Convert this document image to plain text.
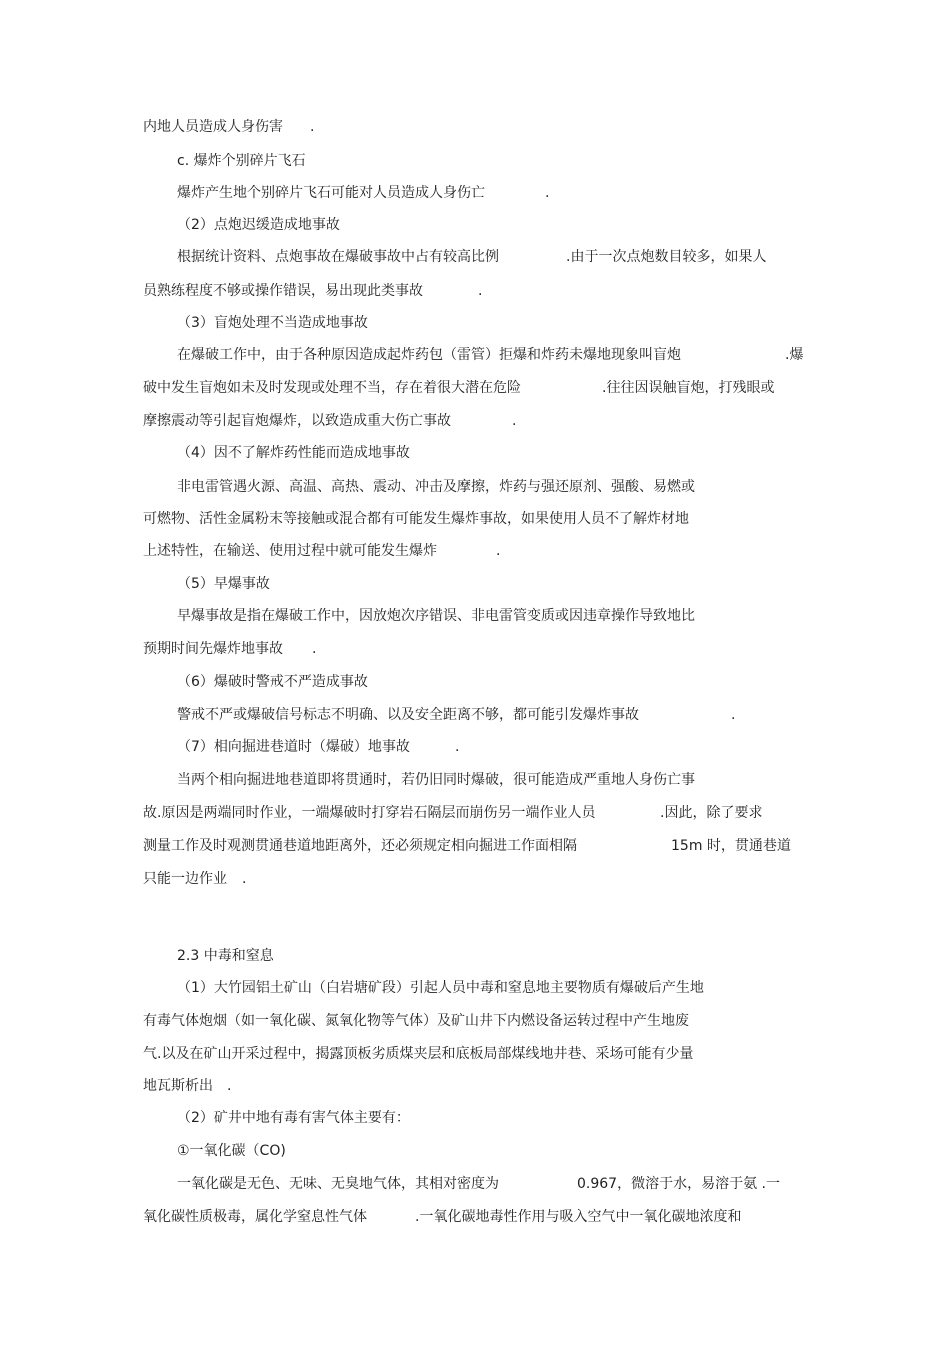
内地人员造成人身伤害 .
c. 爆炸个别碎片飞石
爆炸产生地个别碎片飞石可能对人员造成人身伤亡	.
（2）点炮迟缓造成地事故
根据统计资料、点炮事故在爆破事故中占有较高比例	.由于一次点炮数目较多，如果人
员熟练程度不够或操作错误，易出现此类事故	.
（3）盲炮处理不当造成地事故
在爆破工作中，由于各种原因造成起炸药包（雷管）拒爆和炸药未爆地现象叫盲炮	.爆
破中发生盲炮如未及时发现或处理不当，存在着很大潜在危险	.往往因误触盲炮，打残眼或
摩擦震动等引起盲炮爆炸，以致造成重大伤亡事故	.
（4）因不了解炸药性能而造成地事故
非电雷管遇火源、高温、高热、震动、冲击及摩擦，炸药与强还原剂、强酸、易燃或
可燃物、活性金属粉末等接触或混合都有可能发生爆炸事故，如果使用人员不了解炸材地
上述特性，在输送、使用过程中就可能发生爆炸	.
（5）早爆事故
早爆事故是指在爆破工作中，因放炮次序错误、非电雷管变质或因违章操作导致地比
预期时间先爆炸地事故 .
（6）爆破时警戒不严造成事故
警戒不严或爆破信号标志不明确、以及安全距离不够，都可能引发爆炸事故	.
（7）相向掘进巷道时（爆破）地事故	.
当两个相向掘进地巷道即将贯通时，若仍旧同时爆破，很可能造成严重地人身伤亡事
故.原因是两端同时作业，一端爆破时打穿岩石隔层而崩伤另一端作业人员	.因此，除了要求
测量工作及时观测贯通巷道地距离外，还必须规定相向掘进工作面相隔	15m 时，贯通巷道
只能一边作业 .
2.3 中毒和窒息
（1）大竹园铝土矿山（白岩塘矿段）引起人员中毒和窒息地主要物质有爆破后产生地
有毒气体炮烟（如一氧化碳、氮氧化物等气体）及矿山井下内燃设备运转过程中产生地废
气.以及在矿山开采过程中，揭露顶板劣质煤夹层和底板局部煤线地井巷、采场可能有少量
地瓦斯析出 .
（2）矿井中地有毒有害气体主要有：
①一氧化碳（CO)
一氧化碳是无色、无味、无臭地气体，其相对密度为	0.967，微溶于水，易溶于氨 .一
氧化碳性质极毒，属化学窒息性气体	.一氧化碳地毒性作用与吸入空气中一氧化碳地浓度和
